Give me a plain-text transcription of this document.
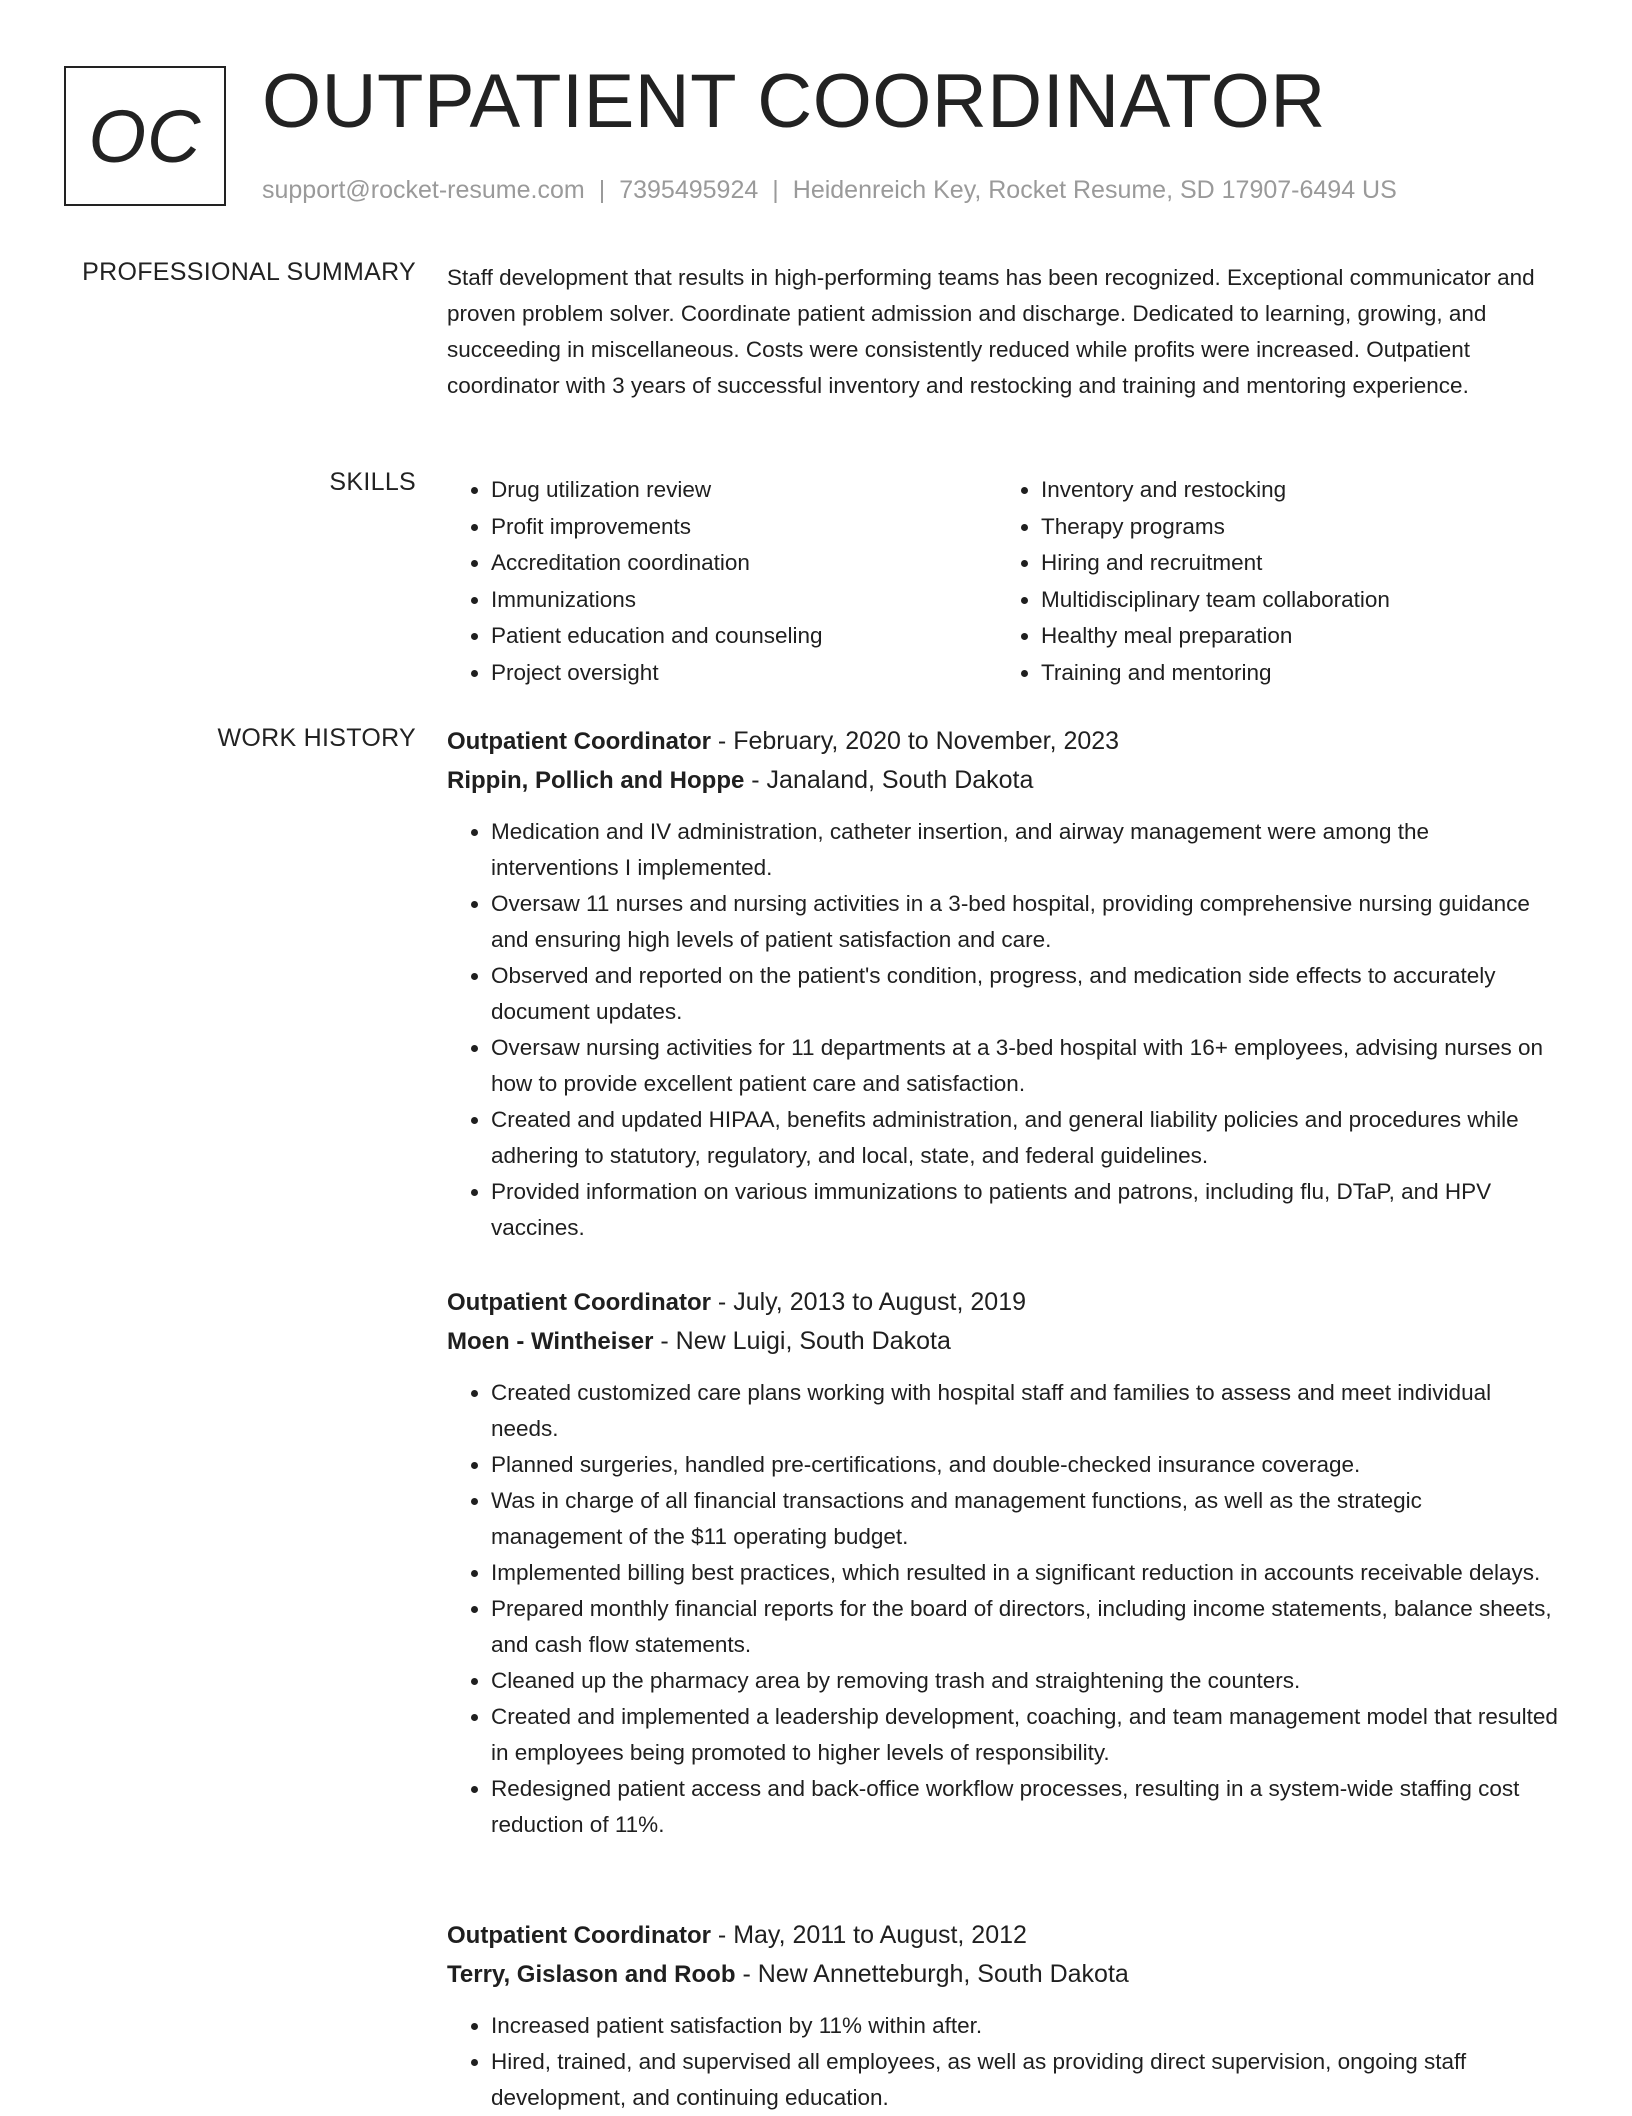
OC OUTPATIENT COORDINATOR
support@rocket-resume.com | 7395495924 | Heidenreich Key, Rocket Resume, SD 17907-6494 US
PROFESSIONAL SUMMARY Staff development that results in high-performing teams has been recognized. Exceptional communicator and proven problem solver. Coordinate patient admission and discharge. Dedicated to learning, growing, and succeeding in miscellaneous. Costs were consistently reduced while profits were increased. Outpatient coordinator with 3 years of successful inventory and restocking and training and mentoring experience.
SKILLS
•	Drug utilization review
• Profit improvements
• Accreditation coordination
• Immunizations
• Patient education and counseling
• Project oversight
• Inventory and restocking
• Therapy programs
• Hiring and recruitment
• Multidisciplinary team collaboration
• Healthy meal preparation
• Training and mentoring
WORK HISTORY Outpatient Coordinator - February, 2020 to November, 2023
Rippin, Pollich and Hoppe - Janaland, South Dakota
• Medication and IV administration, catheter insertion, and airway management were among the interventions I implemented.
• Oversaw 11 nurses and nursing activities in a 3-bed hospital, providing comprehensive nursing guidance and ensuring high levels of patient satisfaction and care.
• Observed and reported on the patient's condition, progress, and medication side effects to accurately document updates.
• Oversaw nursing activities for 11 departments at a 3-bed hospital with 16+ employees, advising nurses on how to provide excellent patient care and satisfaction.
• Created and updated HIPAA, benefits administration, and general liability policies and procedures while adhering to statutory, regulatory, and local, state, and federal guidelines.
• Provided information on various immunizations to patients and patrons, including flu, DTaP, and HPV vaccines.
Outpatient Coordinator - July, 2013 to August, 2019
Moen - Wintheiser - New Luigi, South Dakota
• Created customized care plans working with hospital staff and families to assess and meet individual needs.
• Planned surgeries, handled pre-certifications, and double-checked insurance coverage.
• Was in charge of all financial transactions and management functions, as well as the strategic management of the $11 operating budget.
• Implemented billing best practices, which resulted in a significant reduction in accounts receivable delays.
• Prepared monthly financial reports for the board of directors, including income statements, balance sheets, and cash flow statements.
• Cleaned up the pharmacy area by removing trash and straightening the counters.
• Created and implemented a leadership development, coaching, and team management model that resulted in employees being promoted to higher levels of responsibility.
• Redesigned patient access and back-office workflow processes, resulting in a system-wide staffing cost reduction of 11%.
Outpatient Coordinator - May, 2011 to August, 2012
Terry, Gislason and Roob - New Annetteburgh, South Dakota
• Increased patient satisfaction by 11% within after.
• Hired, trained, and supervised all employees, as well as providing direct supervision, ongoing staff development, and continuing education.
